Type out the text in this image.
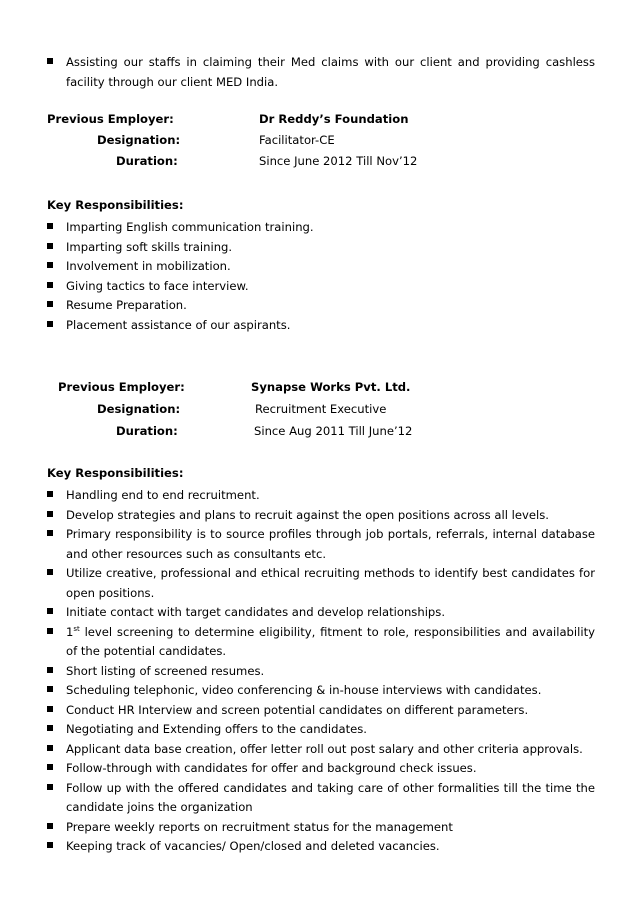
Assisting our staffs in claiming their Med claims with our client and providing cashless facility through our client MED India.
Previous Employer:	Dr Reddy’s Foundation
Designation:	Facilitator-CE
Duration:	Since June 2012 Till Nov’12
Key Responsibilities:
Imparting English communication training.
Imparting soft skills training.
Involvement in mobilization.
Giving tactics to face interview.
Resume Preparation.
Placement assistance of our aspirants.
Previous Employer:	Synapse Works Pvt. Ltd.
Designation:	Recruitment Executive
Duration:	Since Aug 2011 Till June’12
Key Responsibilities:
Handling end to end recruitment.
Develop strategies and plans to recruit against the open positions across all levels.
Primary responsibility is to source profiles through job portals, referrals, internal database and other resources such as consultants etc.
Utilize creative, professional and ethical recruiting methods to identify best candidates for open positions.
Initiate contact with target candidates and develop relationships.
1st level screening to determine eligibility, fitment to role, responsibilities and availability of the potential candidates.
Short listing of screened resumes.
Scheduling telephonic, video conferencing & in-house interviews with candidates.
Conduct HR Interview and screen potential candidates on different parameters.
Negotiating and Extending offers to the candidates.
Applicant data base creation, offer letter roll out post salary and other criteria approvals.
Follow-through with candidates for offer and background check issues.
Follow up with the offered candidates and taking care of other formalities till the time the candidate joins the organization
Prepare weekly reports on recruitment status for the management
Keeping track of vacancies/ Open/closed and deleted vacancies.
